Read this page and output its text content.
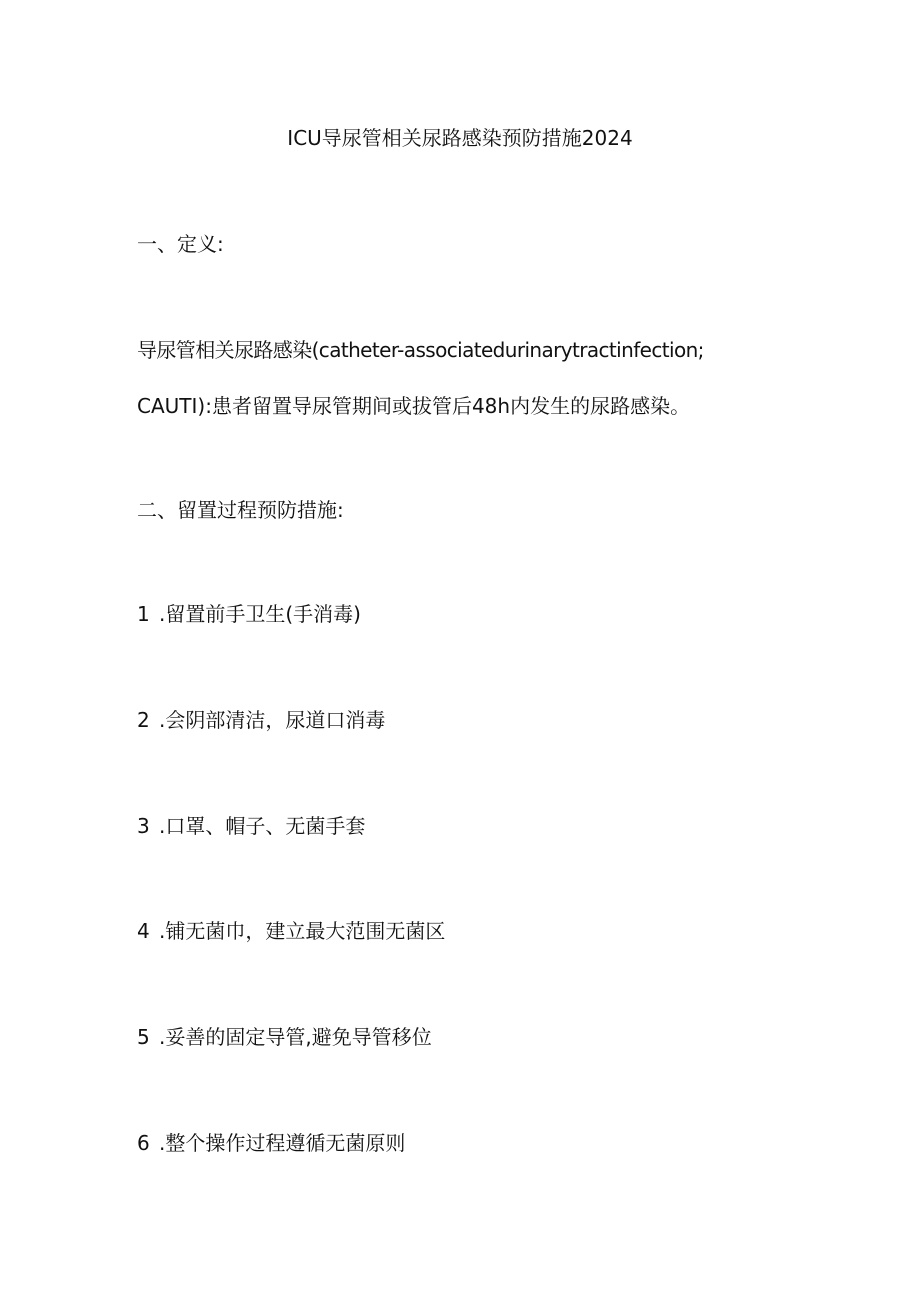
ICU导尿管相关尿路感染预防措施2024
一、定义:
导尿管相关尿路感染(catheter-associatedurinarytractinfection;
CAUTI):患者留置导尿管期间或拔管后48h内发生的尿路感染。
二、留置过程预防措施:
1 .留置前手卫生(手消毒)
2 .会阴部清洁，尿道口消毒
3 .口罩、帽子、无菌手套
4 .铺无菌巾，建立最大范围无菌区
5 .妥善的固定导管,避免导管移位
6 .整个操作过程遵循无菌原则
